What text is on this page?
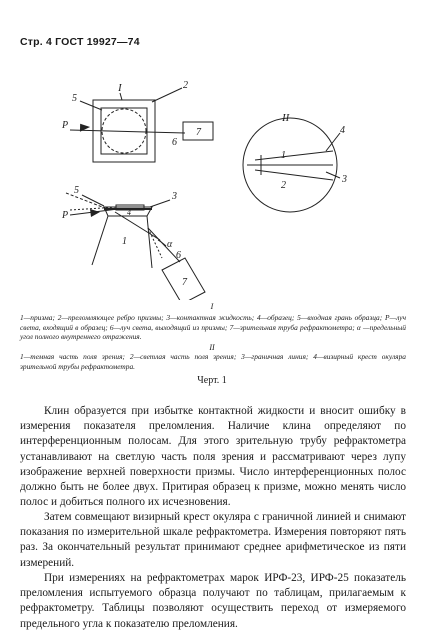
Стр. 4 ГОСТ 19927—74
I	2
5
P
6
7
5
3
4
P
1	α
6
7
II
4
1
2
3
I
1—призма; 2—преломляющее ребро призмы; 3—контактная жидкость; 4—образец; 5—входная грань образца; P—луч света, входящий в образец; 6—луч света, выходящий из призмы; 7—зрительная труба рефрактометра; α —предельный угол полного внутреннего отражения.
II
1—темная часть поля зрения; 2—светлая часть поля зрения; 3—граничная линия; 4—визирный крест окуляра зрительной трубы рефрактометра.
Черт. 1

Клин образуется при избытке контактной жидкости и вносит ошибку в измерения показателя преломления. Наличие клина определяют по интерференционным полосам. Для этого зрительную трубу рефрактометра устанавливают на светлую часть поля зрения и рассматривают через лупу изображение верхней поверхности призмы. Число интерференционных полос должно быть не более двух. Притирая образец к призме, можно менять число полос и добиться полного их исчезновения.

Затем совмещают визирный крест окуляра с граничной линией и снимают показания по измерительной шкале рефрактометра. Измерения повторяют пять раз. За окончательный результат принимают среднее арифметическое из пяти измерений.

При измерениях на рефрактометрах марок ИРФ-23, ИРФ-25 показатель преломления испытуемого образца получают по таблицам, прилагаемым к рефрактометру. Таблицы позволяют осуществить переход от измеряемого предельного угла к показателю преломления.
